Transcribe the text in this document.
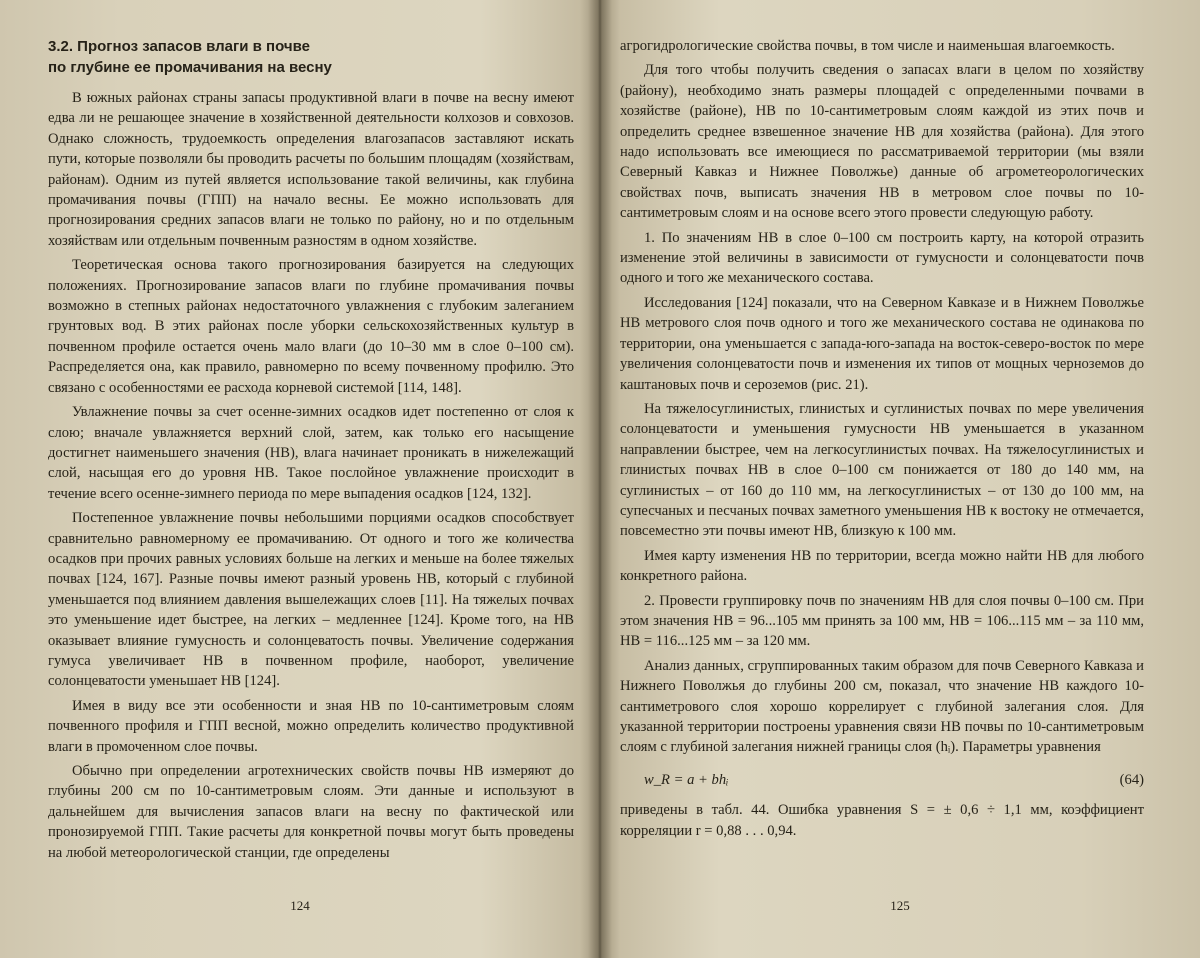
3.2. Прогноз запасов влаги в почве
по глубине ее промачивания на весну

В южных районах страны запасы продуктивной влаги в почве на весну имеют едва ли не решающее значение в хозяйственной деятельности колхозов и совхозов. Однако сложность, трудоемкость определения влагозапасов заставляют искать пути, которые позволяли бы проводить расчеты по большим площадям (хозяйствам, районам). Одним из путей является использование такой величины, как глубина промачивания почвы (ГПП) на начало весны. Ее можно использовать для прогнозирования средних запасов влаги не только по району, но и по отдельным хозяйствам или отдельным почвенным разностям в одном хозяйстве.

Теоретическая основа такого прогнозирования базируется на следующих положениях. Прогнозирование запасов влаги по глубине промачивания почвы возможно в степных районах недостаточного увлажнения с глубоким залеганием грунтовых вод. В этих районах после уборки сельскохозяйственных культур в почвенном профиле остается очень мало влаги (до 10–30 мм в слое 0–100 см). Распределяется она, как правило, равномерно по всему почвенному профилю. Это связано с особенностями ее расхода корневой системой [114, 148].

Увлажнение почвы за счет осенне-зимних осадков идет постепенно от слоя к слою; вначале увлажняется верхний слой, затем, как только его насыщение достигнет наименьшего значения (НВ), влага начинает проникать в нижележащий слой, насыщая его до уровня НВ. Такое послойное увлажнение происходит в течение всего осенне-зимнего периода по мере выпадения осадков [124, 132].

Постепенное увлажнение почвы небольшими порциями осадков способствует сравнительно равномерному ее промачиванию. От одного и того же количества осадков при прочих равных условиях больше на легких и меньше на более тяжелых почвах [124, 167]. Разные почвы имеют разный уровень НВ, который с глубиной уменьшается под влиянием давления вышележащих слоев [11]. На тяжелых почвах это уменьшение идет быстрее, на легких – медленнее [124]. Кроме того, на НВ оказывает влияние гумусность и солонцеватость почвы. Увеличение содержания гумуса увеличивает НВ в почвенном профиле, наоборот, увеличение солонцеватости уменьшает НВ [124].

Имея в виду все эти особенности и зная НВ по 10-сантиметровым слоям почвенного профиля и ГПП весной, можно определить количество продуктивной влаги в промоченном слое почвы.

Обычно при определении агротехнических свойств почвы НВ измеряют до глубины 200 см по 10-сантиметровым слоям. Эти данные и используют в дальнейшем для вычисления запасов влаги на весну по фактической или пронозируемой ГПП. Такие расчеты для конкретной почвы могут быть проведены на любой метеорологической станции, где определены

124

агрогидрологические свойства почвы, в том числе и наименьшая влагоемкость.

Для того чтобы получить сведения о запасах влаги в целом по хозяйству (району), необходимо знать размеры площадей с определенными почвами в хозяйстве (районе), НВ по 10-сантиметровым слоям каждой из этих почв и определить среднее взвешенное значение НВ для хозяйства (района). Для этого надо использовать все имеющиеся по рассматриваемой территории (мы взяли Северный Кавказ и Нижнее Поволжье) данные об агрометеорологических свойствах почв, выписать значения НВ в метровом слое почвы по 10-сантиметровым слоям и на основе всего этого провести следующую работу.

1. По значениям НВ в слое 0–100 см построить карту, на которой отразить изменение этой величины в зависимости от гумусности и солонцеватости почв одного и того же механического состава.

Исследования [124] показали, что на Северном Кавказе и в Нижнем Поволжье НВ метрового слоя почв одного и того же механического состава не одинакова по территории, она уменьшается с запада-юго-запада на восток-северо-восток по мере увеличения солонцеватости почв и изменения их типов от мощных черноземов до каштановых почв и сероземов (рис. 21).

На тяжелосуглинистых, глинистых и суглинистых почвах по мере увеличения солонцеватости и уменьшения гумусности НВ уменьшается в указанном направлении быстрее, чем на легкосуглинистых почвах. На тяжелосуглинистых и глинистых почвах НВ в слое 0–100 см понижается от 180 до 140 мм, на суглинистых – от 160 до 110 мм, на легкосуглинистых – от 130 до 100 мм, на супесчаных и песчаных почвах заметного уменьшения НВ к востоку не отмечается, повсеместно эти почвы имеют НВ, близкую к 100 мм.

Имея карту изменения НВ по территории, всегда можно найти НВ для любого конкретного района.

2. Провести группировку почв по значениям НВ для слоя почвы 0–100 см. При этом значения НВ = 96...105 мм принять за 100 мм, НВ = 106...115 мм – за 110 мм, НВ = 116...125 мм – за 120 мм.

Анализ данных, сгруппированных таким образом для почв Северного Кавказа и Нижнего Поволжья до глубины 200 см, показал, что значение НВ каждого 10-сантиметрового слоя хорошо коррелирует с глубиной залегания слоя. Для указанной территории построены уравнения связи НВ почвы по 10-сантиметровым слоям с глубиной залегания нижней границы слоя (hᵢ). Параметры уравнения

w_R = a + bhᵢ	(64)

приведены в табл. 44. Ошибка уравнения S = ± 0,6 ÷ 1,1 мм, коэффициент корреляции r = 0,88 . . . 0,94.

125
